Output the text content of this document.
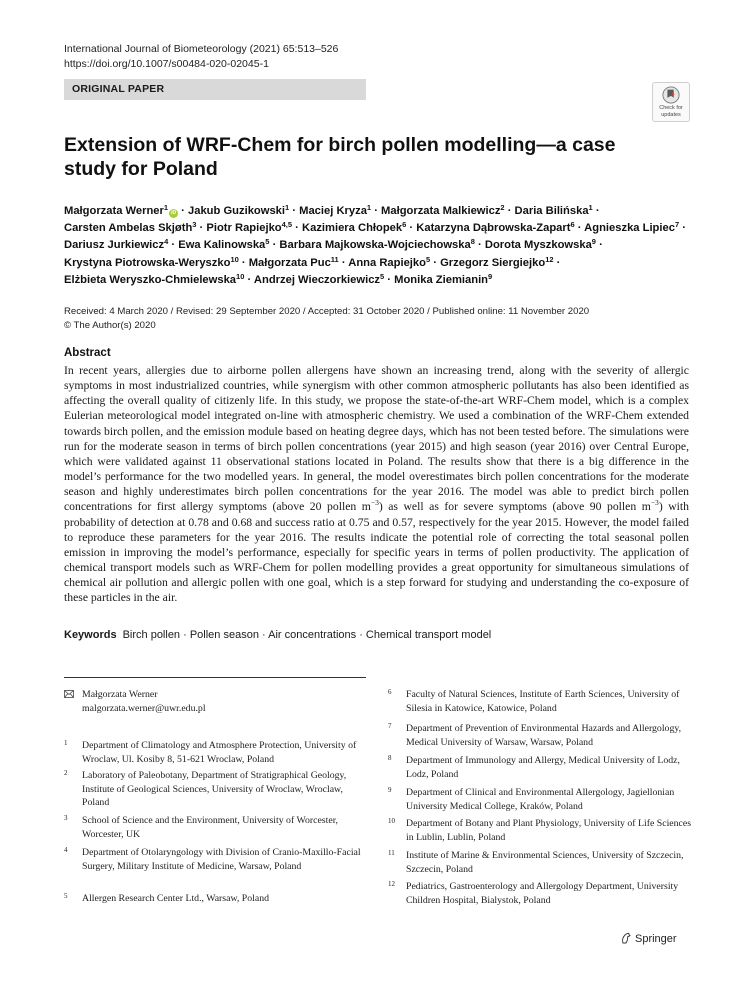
International Journal of Biometeorology (2021) 65:513–526
https://doi.org/10.1007/s00484-020-02045-1
ORIGINAL PAPER
Check for
updates
Extension of WRF-Chem for birch pollen modelling—a case study for Poland
Małgorzata Werner$^1$iD · Jakub Guzikowski$^1$ · Maciej Kryza$^1$ · Małgorzata Malkiewicz$^2$ · Daria Bilińska$^1$ · Carsten Ambelas Skjøth$^3$ · Piotr Rapiejko$^{4,5}$ · Kazimiera Chłopek$^6$ · Katarzyna Dąbrowska-Zapart$^6$ · Agnieszka Lipiec$^7$ · Dariusz Jurkiewicz$^4$ · Ewa Kalinowska$^5$ · Barbara Majkowska-Wojciechowska$^8$ · Dorota Myszkowska$^9$ · Krystyna Piotrowska-Weryszko$^{10}$ · Małgorzata Puc$^{11}$ · Anna Rapiejko$^5$ · Grzegorz Siergiejko$^{12}$ · Elżbieta Weryszko-Chmielewska$^{10}$ · Andrzej Wieczorkiewicz$^5$ · Monika Ziemianin$^9$
Received: 4 March 2020 / Revised: 29 September 2020 / Accepted: 31 October 2020 / Published online: 11 November 2020
© The Author(s) 2020
Abstract

In recent years, allergies due to airborne pollen allergens have shown an increasing trend, along with the severity of allergic symptoms in most industrialized countries, while synergism with other common atmospheric pollutants has also been identified as affecting the overall quality of citizenly life. In this study, we propose the state-of-the-art WRF-Chem model, which is a complex Eulerian meteorological model integrated on-line with atmospheric chemistry. We used a combination of the WRF-Chem extended towards birch pollen, and the emission module based on heating degree days, which has not been tested before. The simulations were run for the moderate season in terms of birch pollen concentrations (year 2015) and high season (year 2016) over Central Europe, which were validated against 11 observational stations located in Poland. The results show that there is a big difference in the model’s performance for the two modelled years. In general, the model overestimates birch pollen concentrations for the moderate season and highly underestimates birch pollen concentrations for the year 2016. The model was able to predict birch pollen concentrations for first allergy symptoms (above 20 pollen $m^{-3}$) as well as for severe symptoms (above 90 pollen $m^{-3}$) with probability of detection at 0.78 and 0.68 and success ratio at 0.75 and 0.57, respectively for the year 2015. However, the model failed to reproduce these parameters for the year 2016. The results indicate the potential role of correcting the total seasonal pollen emission in improving the model’s performance, especially for specific years in terms of pollen productivity. The application of chemical transport models such as WRF-Chem for pollen modelling provides a great opportunity for simultaneous simulations of chemical air pollution and allergic pollen with one goal, which is a step forward for studying and understanding the co-exposure of these particles in the air.

Keywords Birch pollen · Pollen season · Air concentrations · Chemical transport model
Małgorzata Werner
malgorzata.werner@uwr.edu.pl
1	Department of Climatology and Atmosphere Protection, University of Wroclaw, Ul. Kosiby 8, 51-621 Wroclaw, Poland
2	Laboratory of Paleobotany, Department of Stratigraphical Geology, Institute of Geological Sciences, University of Wroclaw, Wroclaw, Poland
3	School of Science and the Environment, University of Worcester, Worcester, UK
4	Department of Otolaryngology with Division of Cranio-Maxillo-Facial Surgery, Military Institute of Medicine, Warsaw, Poland
5	Allergen Research Center Ltd., Warsaw, Poland
6	Faculty of Natural Sciences, Institute of Earth Sciences, University of Silesia in Katowice, Katowice, Poland
7	Department of Prevention of Environmental Hazards and Allergology, Medical University of Warsaw, Warsaw, Poland
8	Department of Immunology and Allergy, Medical University of Lodz, Lodz, Poland
9	Department of Clinical and Environmental Allergology, Jagiellonian University Medical College, Kraków, Poland
10	Department of Botany and Plant Physiology, University of Life Sciences in Lublin, Lublin, Poland
11	Institute of Marine & Environmental Sciences, University of Szczecin, Szczecin, Poland
12	Pediatrics, Gastroenterology and Allergology Department, University Children Hospital, Bialystok, Poland
Springer
